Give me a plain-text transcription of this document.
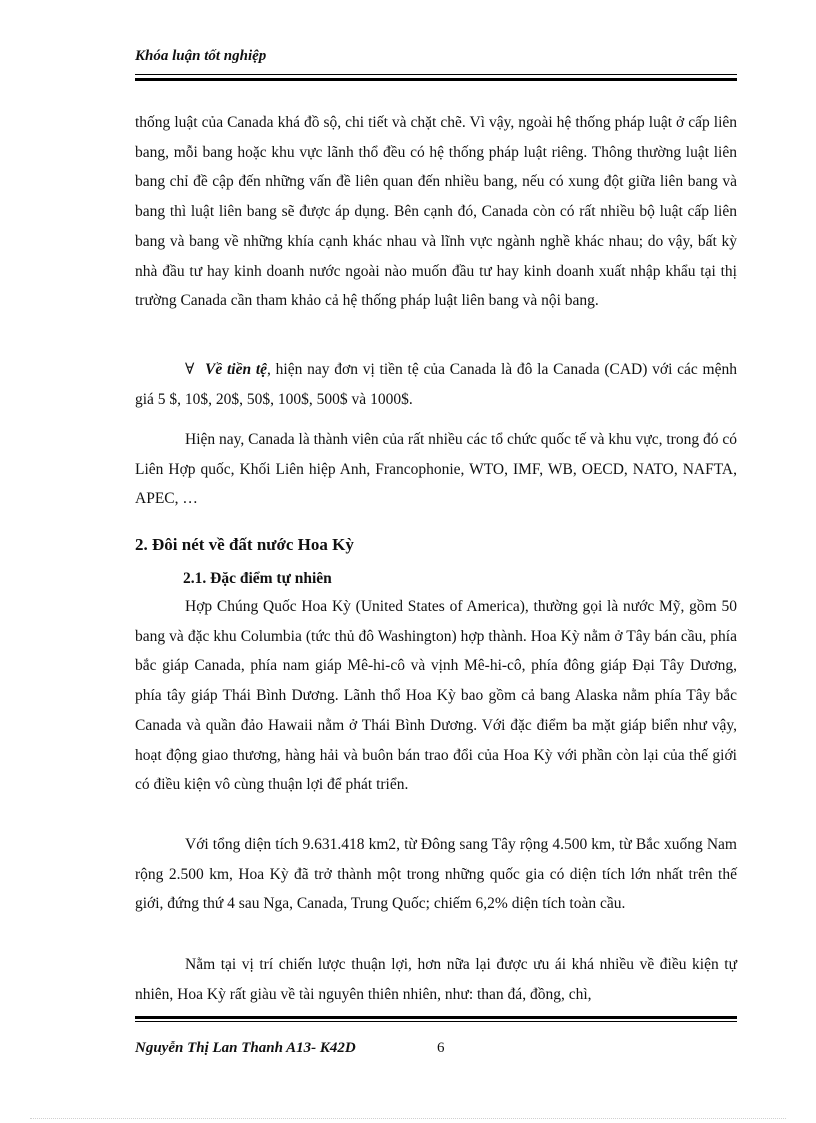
Khóa luận tốt nghiệp

thống luật của Canada khá đồ sộ, chi tiết và chặt chẽ. Vì vậy, ngoài hệ thống pháp luật ở cấp liên bang, mỗi bang hoặc khu vực lãnh thổ đều có hệ thống pháp luật riêng. Thông thường luật liên bang chỉ đề cập đến những vấn đề liên quan đến nhiều bang, nếu có xung đột giữa liên bang và bang thì luật liên bang sẽ được áp dụng. Bên cạnh đó, Canada còn có rất nhiều bộ luật cấp liên bang và bang về những khía cạnh khác nhau và lĩnh vực ngành nghề khác nhau; do vậy, bất kỳ nhà đầu tư hay kinh doanh nước ngoài nào muốn đầu tư hay kinh doanh xuất nhập khẩu tại thị trường Canada cần tham khảo cả hệ thống pháp luật liên bang và nội bang.

∀ Về tiền tệ, hiện nay đơn vị tiền tệ của Canada là đô la Canada (CAD) với các mệnh giá 5 $, 10$, 20$, 50$, 100$, 500$ và 1000$.

Hiện nay, Canada là thành viên của rất nhiều các tổ chức quốc tế và khu vực, trong đó có Liên Hợp quốc, Khối Liên hiệp Anh, Francophonie, WTO, IMF, WB, OECD, NATO, NAFTA, APEC, …

2. Đôi nét về đất nước Hoa Kỳ
2.1. Đặc điểm tự nhiên

Hợp Chúng Quốc Hoa Kỳ (United States of America), thường gọi là nước Mỹ, gồm 50 bang và đặc khu Columbia (tức thủ đô Washington) hợp thành. Hoa Kỳ nằm ở Tây bán cầu, phía bắc giáp Canada, phía nam giáp Mê-hi-cô và vịnh Mê-hi-cô, phía đông giáp Đại Tây Dương, phía tây giáp Thái Bình Dương. Lãnh thổ Hoa Kỳ bao gồm cả bang Alaska nằm phía Tây bắc Canada và quần đảo Hawaii nằm ở Thái Bình Dương. Với đặc điểm ba mặt giáp biển như vậy, hoạt động giao thương, hàng hải và buôn bán trao đổi của Hoa Kỳ với phần còn lại của thế giới có điều kiện vô cùng thuận lợi để phát triển.

Với tổng diện tích 9.631.418 km2, từ Đông sang Tây rộng 4.500 km, từ Bắc xuống Nam rộng 2.500 km, Hoa Kỳ đã trở thành một trong những quốc gia có diện tích lớn nhất trên thế giới, đứng thứ 4 sau Nga, Canada, Trung Quốc; chiếm 6,2% diện tích toàn cầu.

Nằm tại vị trí chiến lược thuận lợi, hơn nữa lại được ưu ái khá nhiều về điều kiện tự nhiên, Hoa Kỳ rất giàu về tài nguyên thiên nhiên, như: than đá, đồng, chì,

Nguyễn Thị Lan Thanh A13- K42D	6
